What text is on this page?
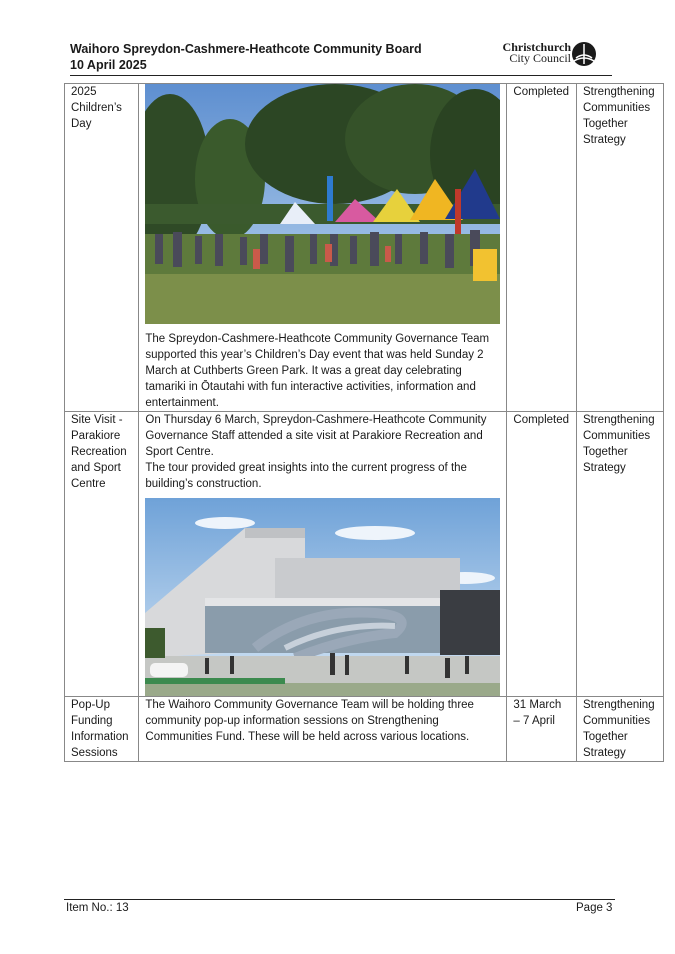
Waihoro Spreydon-Cashmere-Heathcote Community Board
10 April 2025
Christchurch
City Council
2025 Children’s Day	The Spreydon-Cashmere-Heathcote Community Governance Team supported this year’s Children’s Day event that was held Sunday 2 March at Cuthberts Green Park. It was a great day celebrating tamariki in Ōtautahi with fun interactive activities, information and entertainment.	Completed	Strengthening Communities Together Strategy
Site Visit - Parakiore Recreation and Sport Centre	On Thursday 6 March, Spreydon-Cashmere-Heathcote Community Governance Staff attended a site visit at Parakiore Recreation and Sport Centre.
The tour provided great insights into the current progress of the building’s construction.	Completed	Strengthening Communities Together Strategy
Pop-Up Funding Information Sessions	The Waihoro Community Governance Team will be holding three community pop-up information sessions on Strengthening Communities Fund. These will be held across various locations.	31 March – 7 April	Strengthening Communities Together Strategy
Item No.: 13	Page 3
